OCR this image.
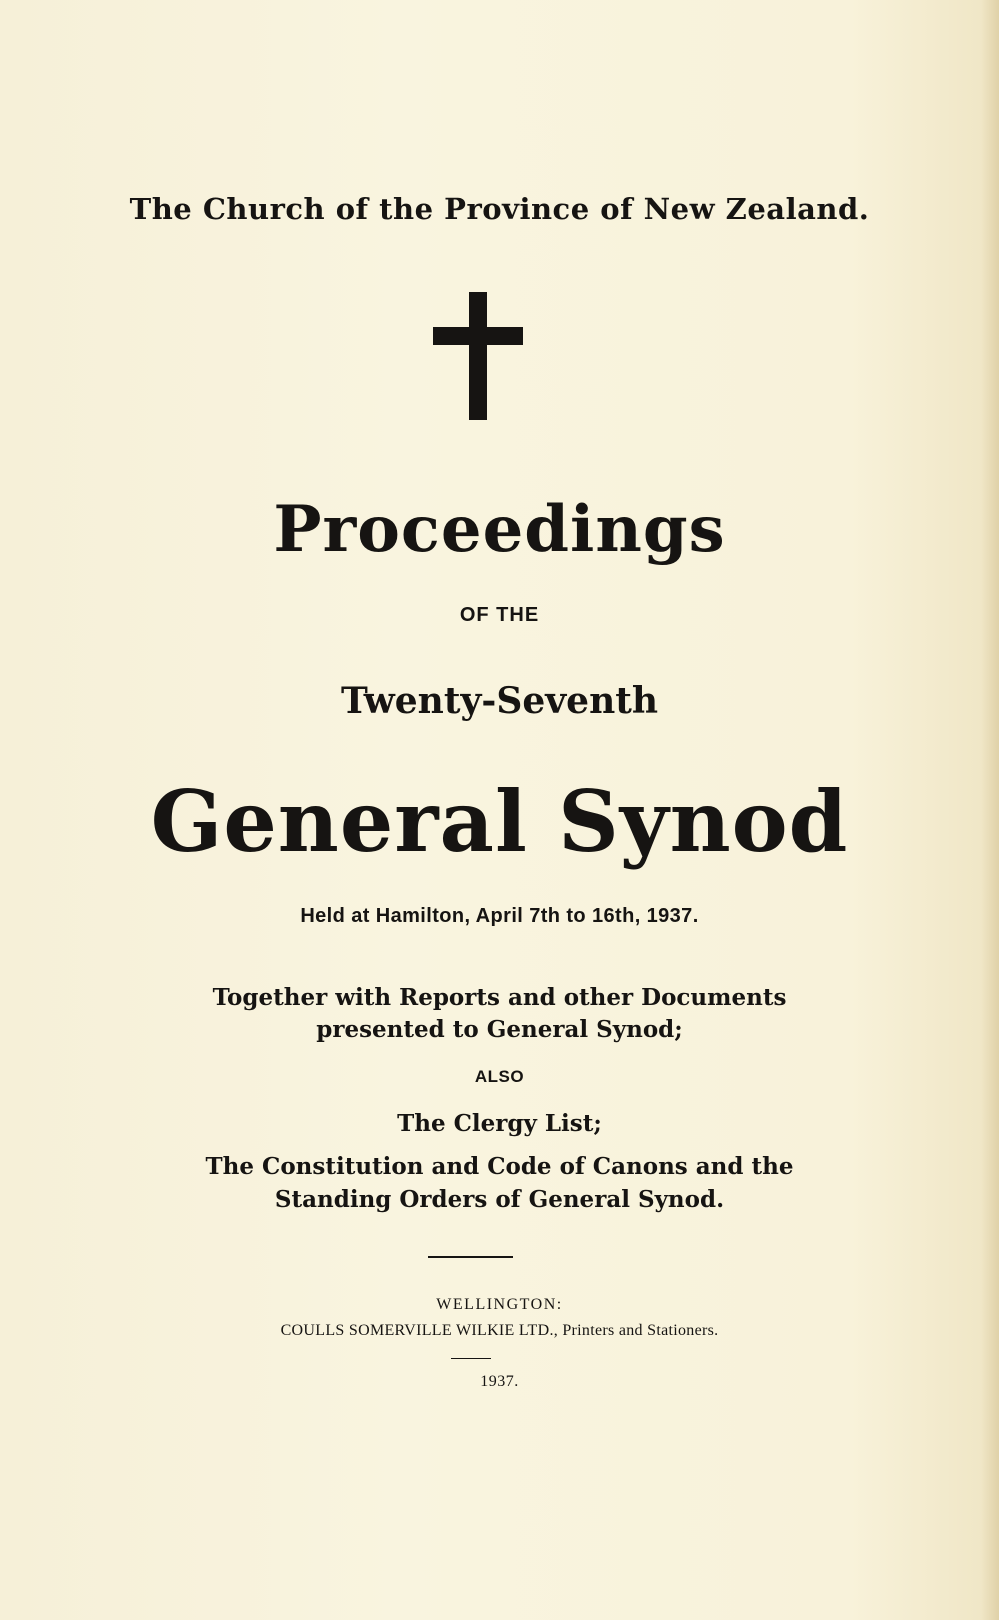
The Church of the Province of New Zealand.
Proceedings
OF THE
Twenty-Seventh
General Synod
Held at Hamilton, April 7th to 16th, 1937.
Together with Reports and other Documents
presented to General Synod;
ALSO
The Clergy List;
The Constitution and Code of Canons and the
Standing Orders of General Synod.
WELLINGTON:
COULLS SOMERVILLE WILKIE LTD., Printers and Stationers.
1937.
